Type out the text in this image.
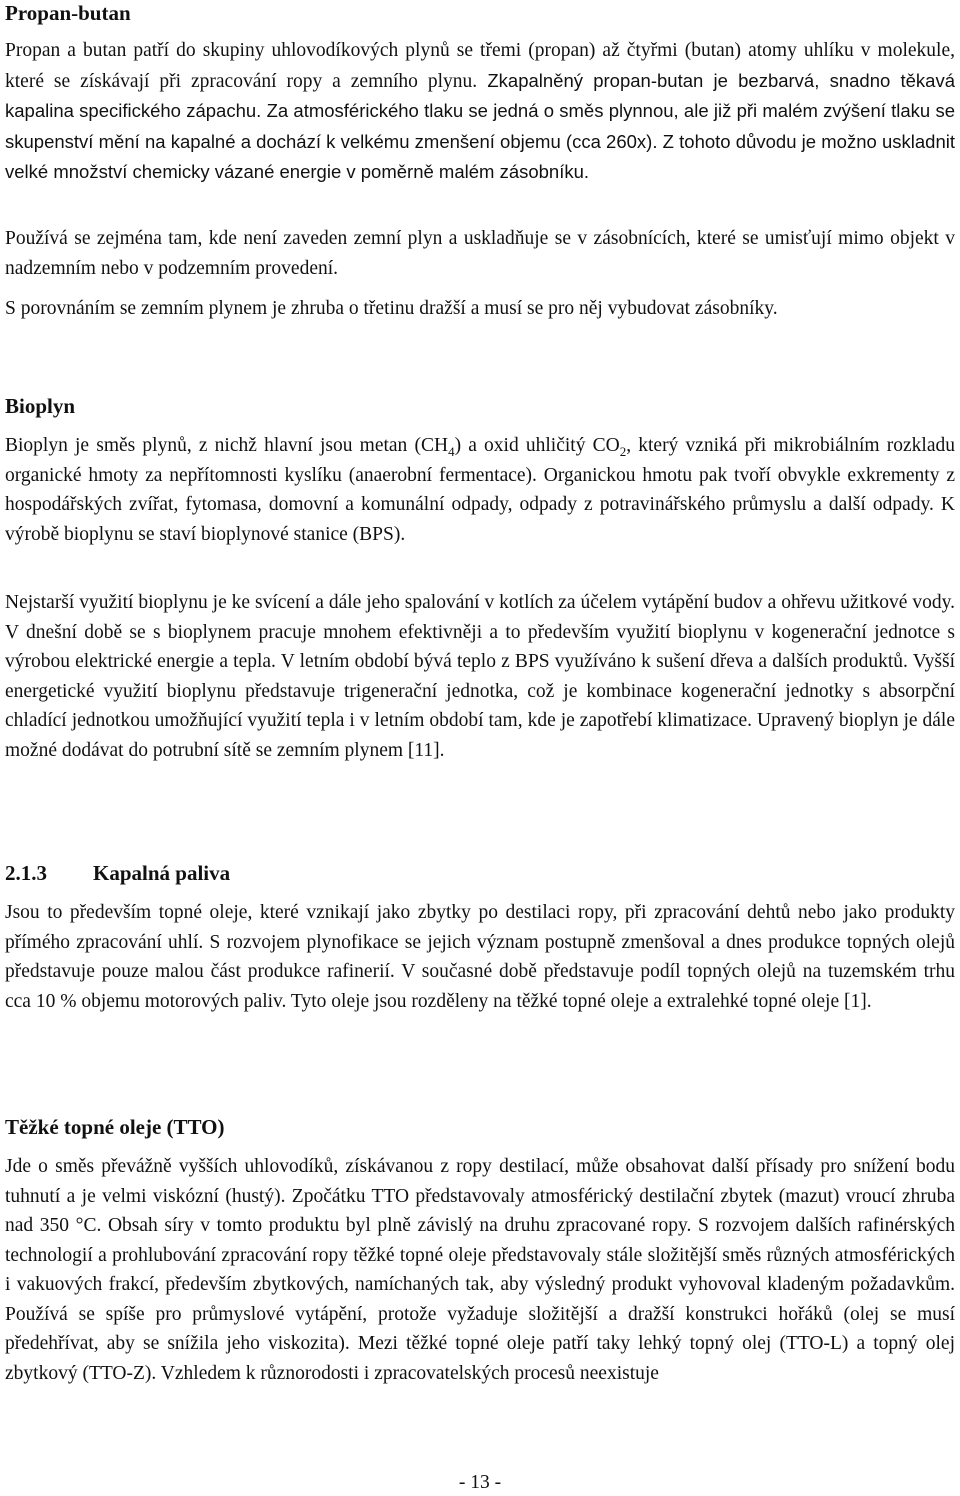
Propan-butan

Propan a butan patří do skupiny uhlovodíkových plynů se třemi (propan) až čtyřmi (butan) atomy uhlíku v molekule, které se získávají při zpracování ropy a zemního plynu. Zkapalněný propan-butan je bezbarvá, snadno těkavá kapalina specifického zápachu. Za atmosférického tlaku se jedná o směs plynnou, ale již při malém zvýšení tlaku se skupenství mění na kapalné a dochází k velkému zmenšení objemu (cca 260x). Z tohoto důvodu je možno uskladnit velké množství chemicky vázané energie v poměrně malém zásobníku.

Používá se zejména tam, kde není zaveden zemní plyn a uskladňuje se v zásobnících, které se umisťují mimo objekt v nadzemním nebo v podzemním provedení.

S porovnáním se zemním plynem je zhruba o třetinu dražší a musí se pro něj vybudovat zásobníky.

Bioplyn

Bioplyn je směs plynů, z nichž hlavní jsou metan $(CH_4)$ a oxid uhličitý $CO_2$, který vzniká při mikrobiálním rozkladu organické hmoty za nepřítomnosti kyslíku (anaerobní fermentace). Organickou hmotu pak tvoří obvykle exkrementy z hospodářských zvířat, fytomasa, domovní a komunální odpady, odpady z potravinářského průmyslu a další odpady. K výrobě bioplynu se staví bioplynové stanice (BPS).

Nejstarší využití bioplynu je ke svícení a dále jeho spalování v kotlích za účelem vytápění budov a ohřevu užitkové vody. V dnešní době se s bioplynem pracuje mnohem efektivněji a to především využití bioplynu v kogenerační jednotce s výrobou elektrické energie a tepla. V letním období bývá teplo z BPS využíváno k sušení dřeva a dalších produktů. Vyšší energetické využití bioplynu představuje trigenerační jednotka, což je kombinace kogenerační jednotky s absorpční chladící jednotkou umožňující využití tepla i v letním období tam, kde je zapotřebí klimatizace. Upravený bioplyn je dále možné dodávat do potrubní sítě se zemním plynem [11].

2.1.3 Kapalná paliva

Jsou to především topné oleje, které vznikají jako zbytky po destilaci ropy, při zpracování dehtů nebo jako produkty přímého zpracování uhlí. S rozvojem plynofikace se jejich význam postupně zmenšoval a dnes produkce topných olejů představuje pouze malou část produkce rafinerií. V současné době představuje podíl topných olejů na tuzemském trhu cca 10 % objemu motorových paliv. Tyto oleje jsou rozděleny na těžké topné oleje a extralehké topné oleje [1].

Těžké topné oleje (TTO)

Jde o směs převážně vyšších uhlovodíků, získávanou z ropy destilací, může obsahovat další přísady pro snížení bodu tuhnutí a je velmi viskózní (hustý). Zpočátku TTO představovaly atmosférický destilační zbytek (mazut) vroucí zhruba nad 350 °C. Obsah síry v tomto produktu byl plně závislý na druhu zpracované ropy. S rozvojem dalších rafinérských technologií a prohlubování zpracování ropy těžké topné oleje představovaly stále složitější směs různých atmosférických i vakuových frakcí, především zbytkových, namíchaných tak, aby výsledný produkt vyhovoval kladeným požadavkům. Používá se spíše pro průmyslové vytápění, protože vyžaduje složitější a dražší konstrukci hořáků (olej se musí předehřívat, aby se snížila jeho viskozita). Mezi těžké topné oleje patří taky lehký topný olej (TTO-L) a topný olej zbytkový (TTO-Z). Vzhledem k různorodosti i zpracovatelských procesů neexistuje

- 13 -
